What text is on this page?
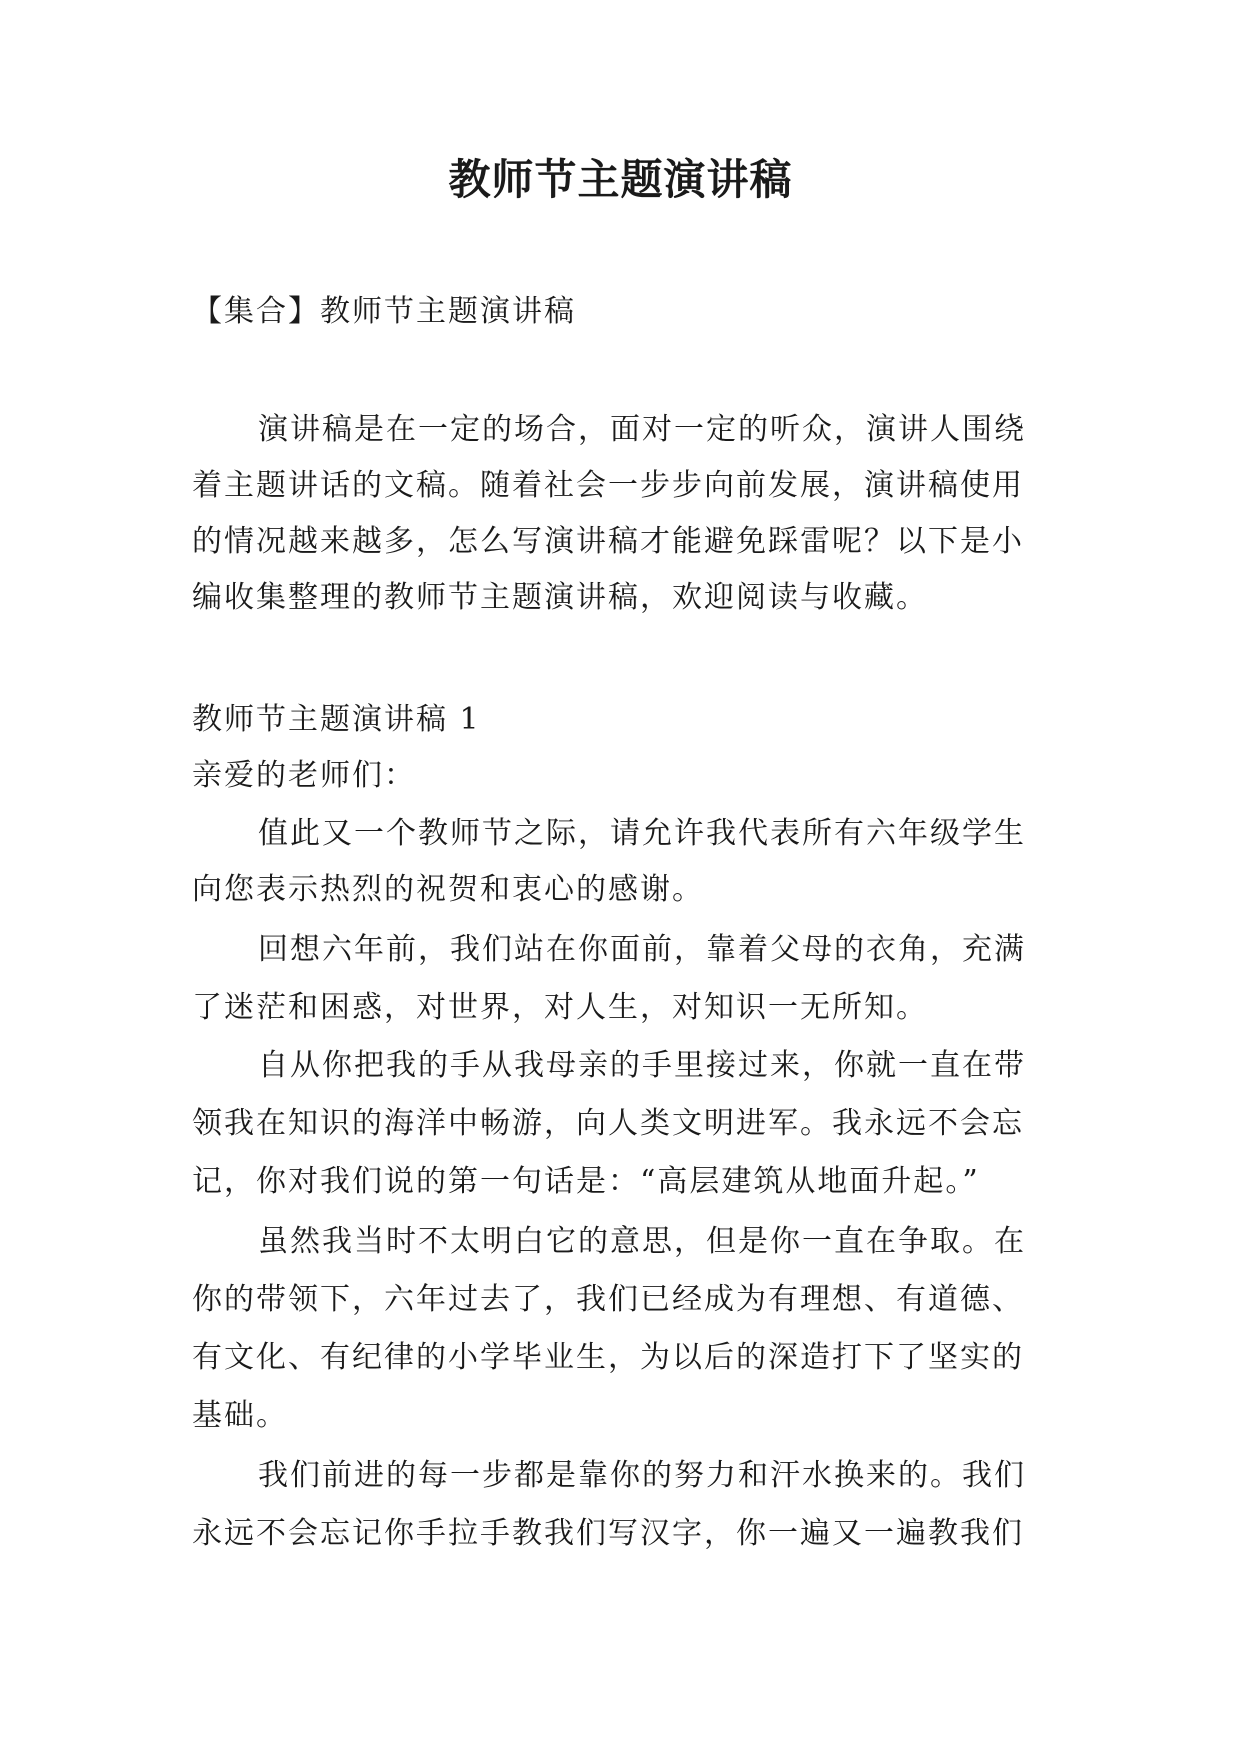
教师节主题演讲稿

【集合】教师节主题演讲稿

演讲稿是在一定的场合，面对一定的听众，演讲人围绕

着主题讲话的文稿。随着社会一步步向前发展，演讲稿使用

的情况越来越多，怎么写演讲稿才能避免踩雷呢？以下是小

编收集整理的教师节主题演讲稿，欢迎阅读与收藏。

教师节主题演讲稿 1

亲爱的老师们：

值此又一个教师节之际，请允许我代表所有六年级学生

向您表示热烈的祝贺和衷心的感谢。

回想六年前，我们站在你面前，靠着父母的衣角，充满

了迷茫和困惑，对世界，对人生，对知识一无所知。

自从你把我的手从我母亲的手里接过来，你就一直在带

领我在知识的海洋中畅游，向人类文明进军。我永远不会忘

记，你对我们说的第一句话是：“高层建筑从地面升起。”

虽然我当时不太明白它的意思，但是你一直在争取。在

你的带领下，六年过去了，我们已经成为有理想、有道德、

有文化、有纪律的小学毕业生，为以后的深造打下了坚实的

基础。

我们前进的每一步都是靠你的努力和汗水换来的。我们

永远不会忘记你手拉手教我们写汉字，你一遍又一遍教我们
